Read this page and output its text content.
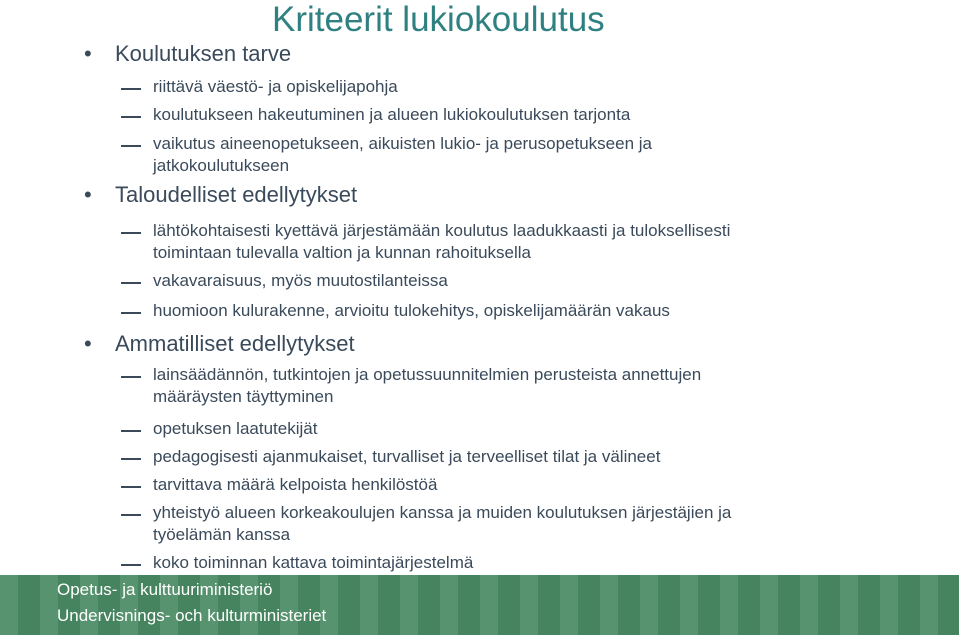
Kriteerit lukiokoulutus
• Koulutuksen tarve
riittävä väestö- ja opiskelijapohja
koulutukseen hakeutuminen ja alueen lukiokoulutuksen tarjonta
vaikutus aineenopetukseen, aikuisten lukio- ja perusopetukseen ja
jatkokoulutukseen
• Taloudelliset edellytykset
lähtökohtaisesti kyettävä järjestämään koulutus laadukkaasti ja tuloksellisesti
toimintaan tulevalla valtion ja kunnan rahoituksella
vakavaraisuus, myös muutostilanteissa
huomioon kulurakenne, arvioitu tulokehitys, opiskelijamäärän vakaus
• Ammatilliset edellytykset
lainsäädännön, tutkintojen ja opetussuunnitelmien perusteista annettujen
määräysten täyttyminen
opetuksen laatutekijät
pedagogisesti ajanmukaiset, turvalliset ja terveelliset tilat ja välineet
tarvittava määrä kelpoista henkilöstöä
yhteistyö alueen korkeakoulujen kanssa ja muiden koulutuksen järjestäjien ja
työelämän kanssa
koko toiminnan kattava toimintajärjestelmä
Opetus- ja kulttuuriministeriö
Undervisnings- och kulturministeriet
